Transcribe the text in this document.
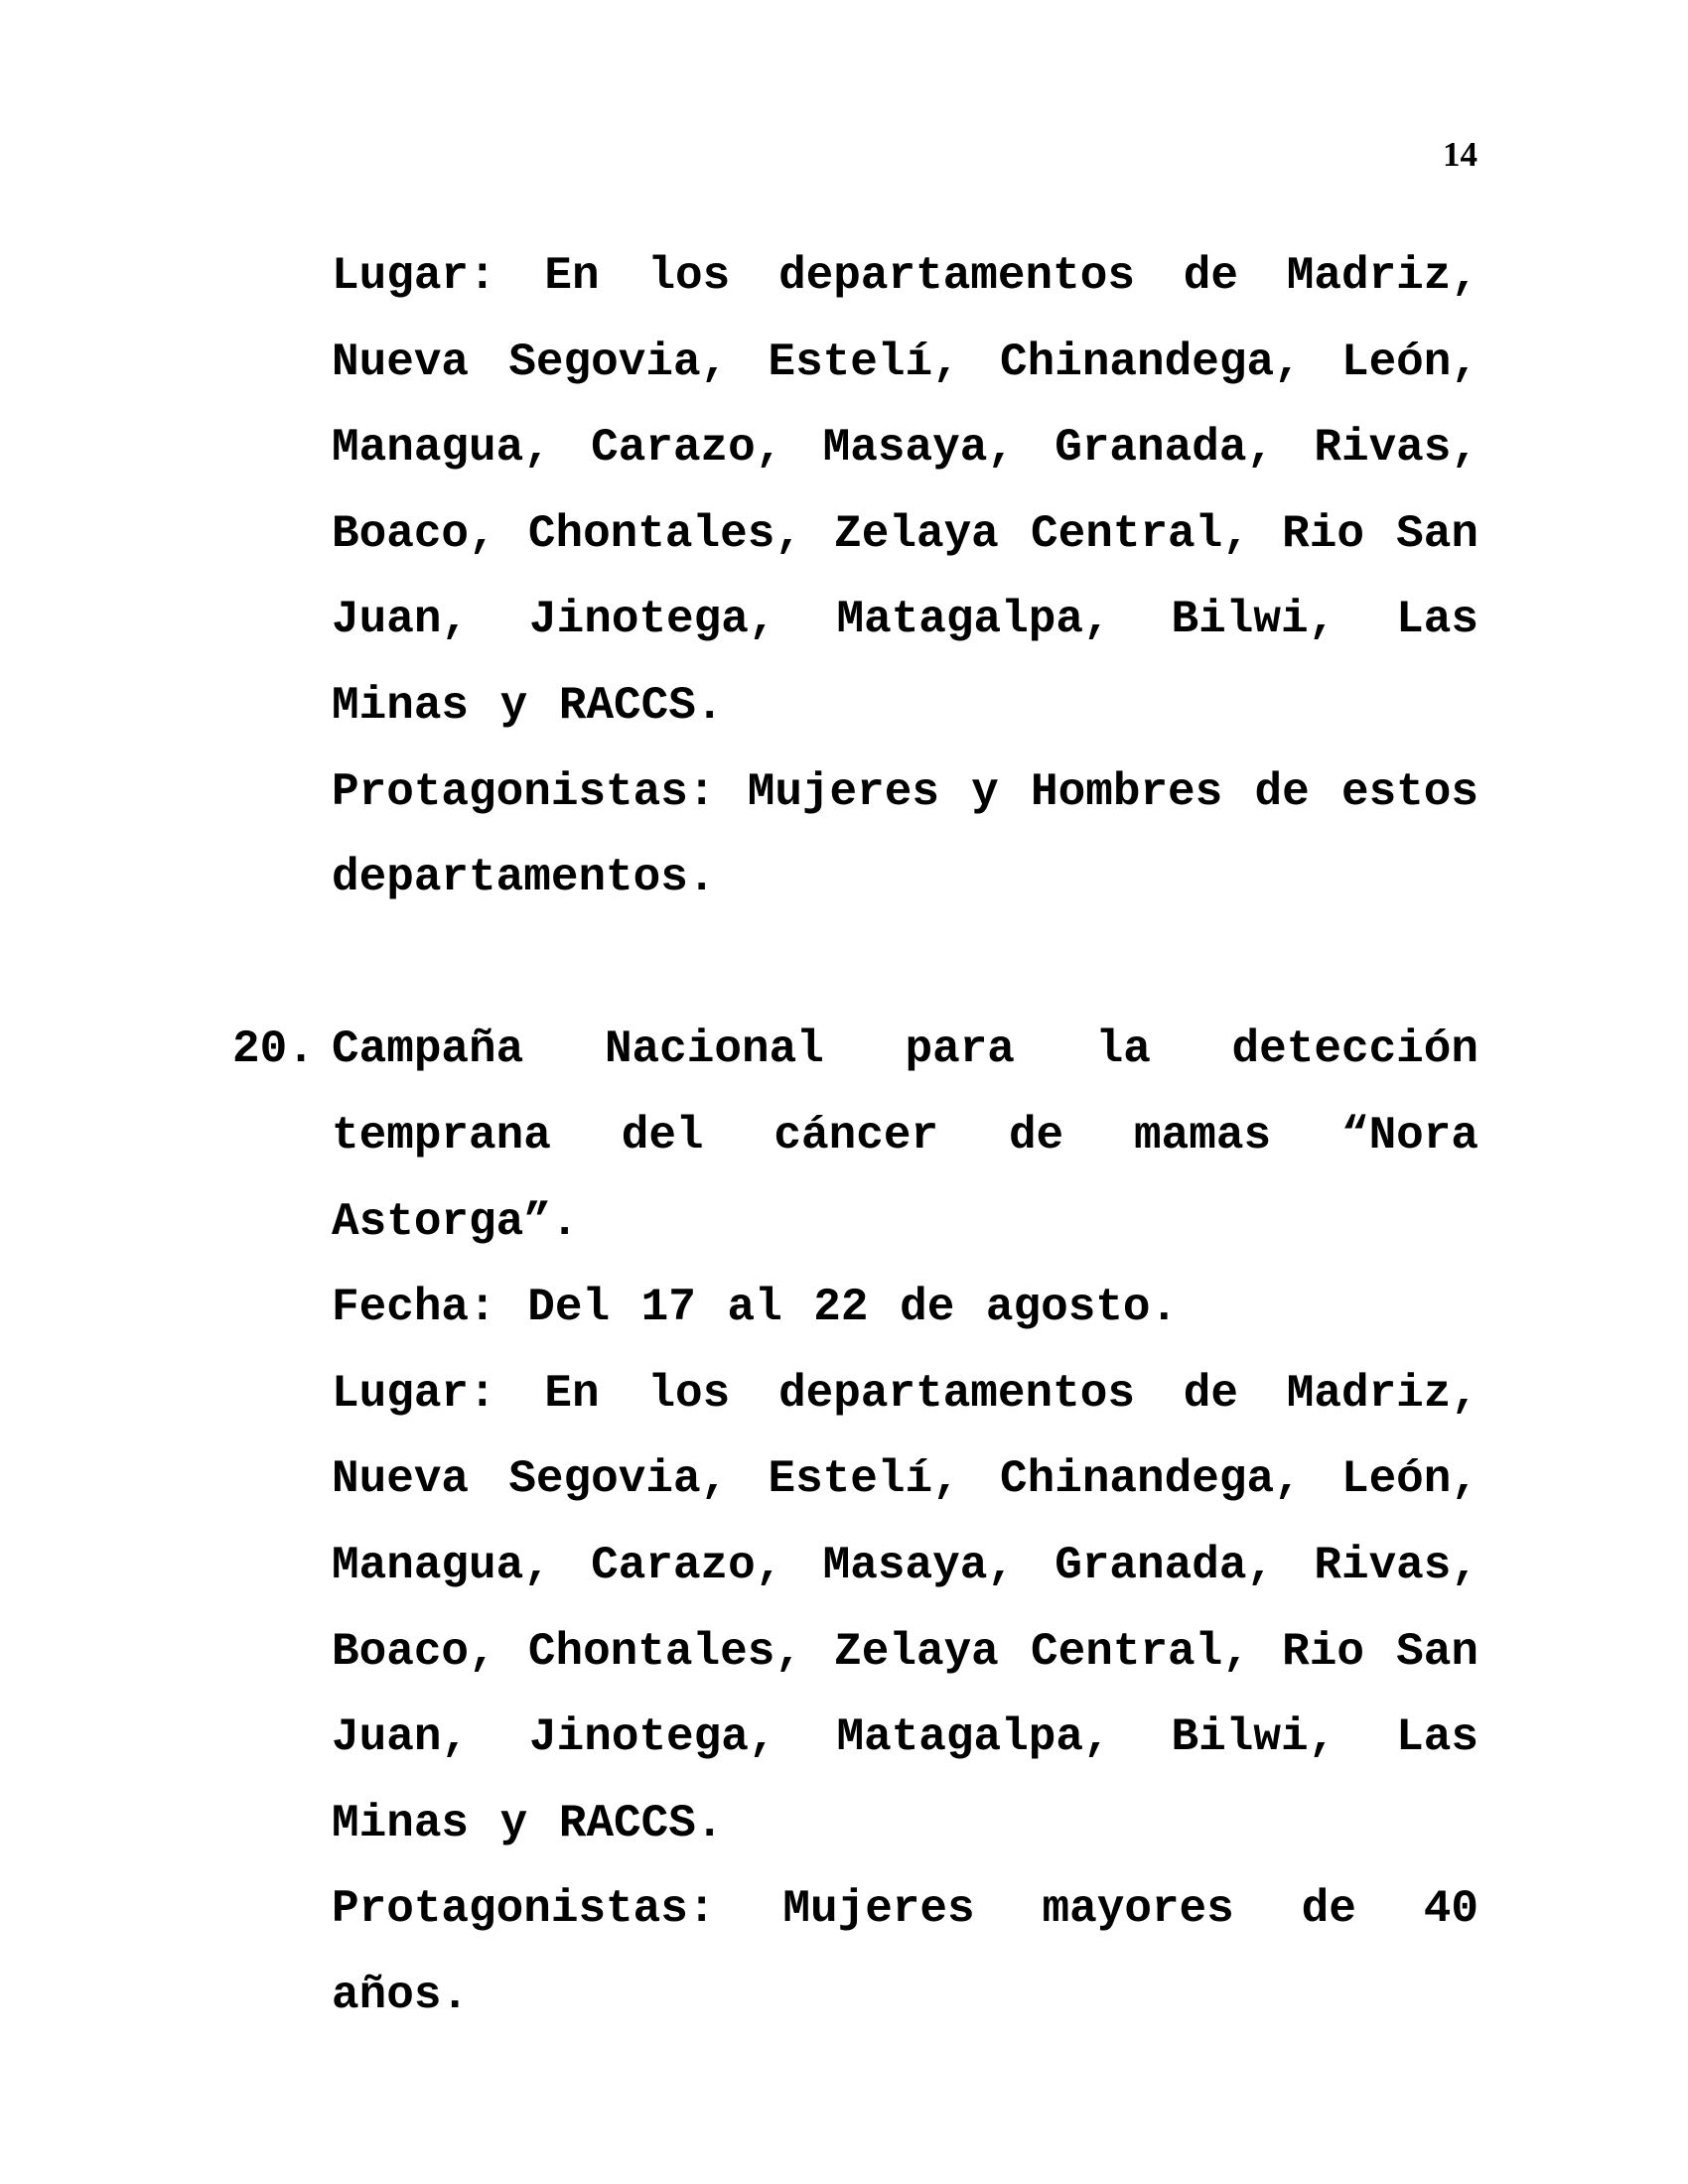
14

Lugar: En los departamentos de Madriz, Nueva Segovia, Estelí, Chinandega, León, Managua, Carazo, Masaya, Granada, Rivas, Boaco, Chontales, Zelaya Central, Rio San Juan, Jinotega, Matagalpa, Bilwi, Las Minas y RACCS.

Protagonistas: Mujeres y Hombres de estos departamentos.

20. Campaña Nacional para la detección temprana del cáncer de mamas “Nora Astorga”.

Fecha: Del 17 al 22 de agosto.

Lugar: En los departamentos de Madriz, Nueva Segovia, Estelí, Chinandega, León, Managua, Carazo, Masaya, Granada, Rivas, Boaco, Chontales, Zelaya Central, Rio San Juan, Jinotega, Matagalpa, Bilwi, Las Minas y RACCS.

Protagonistas: Mujeres mayores de 40 años.
